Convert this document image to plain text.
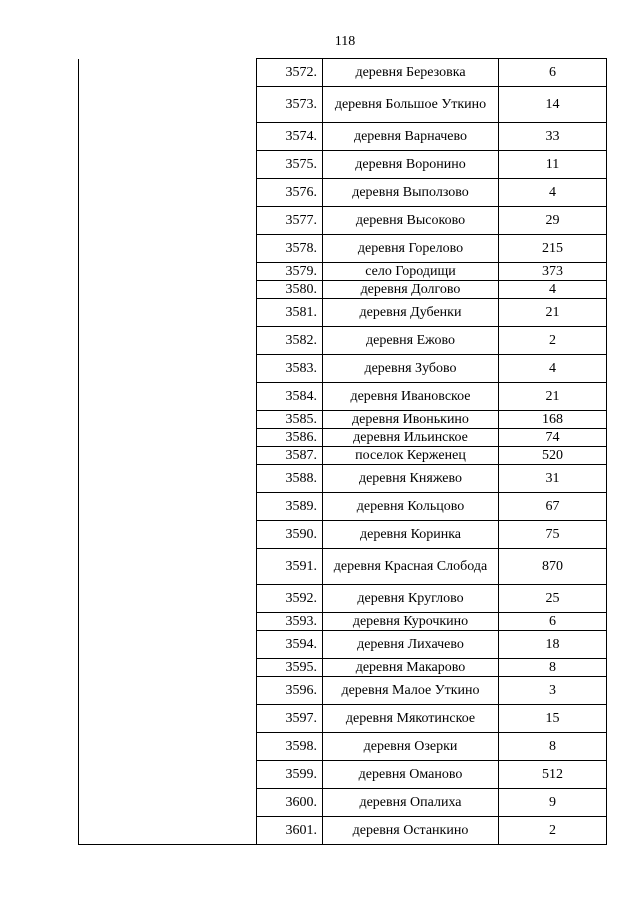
118
	3572.	деревня Березовка	6
	3573.	деревня Большое Уткино	14
	3574.	деревня Варначево	33
	3575.	деревня Воронино	11
	3576.	деревня Выползово	4
	3577.	деревня Высоково	29
	3578.	деревня Горелово	215
	3579.	село Городищи	373
	3580.	деревня Долгово	4
	3581.	деревня Дубенки	21
	3582.	деревня Ежово	2
	3583.	деревня Зубово	4
	3584.	деревня Ивановское	21
	3585.	деревня Ивонькино	168
	3586.	деревня Ильинское	74
	3587.	поселок Керженец	520
	3588.	деревня Княжево	31
	3589.	деревня Кольцово	67
	3590.	деревня Коринка	75
	3591.	деревня Красная Слобода	870
	3592.	деревня Круглово	25
	3593.	деревня Курочкино	6
	3594.	деревня Лихачево	18
	3595.	деревня Макарово	8
	3596.	деревня Малое Уткино	3
	3597.	деревня Мякотинское	15
	3598.	деревня Озерки	8
	3599.	деревня Оманово	512
	3600.	деревня Опалиха	9
	3601.	деревня Останкино	2
